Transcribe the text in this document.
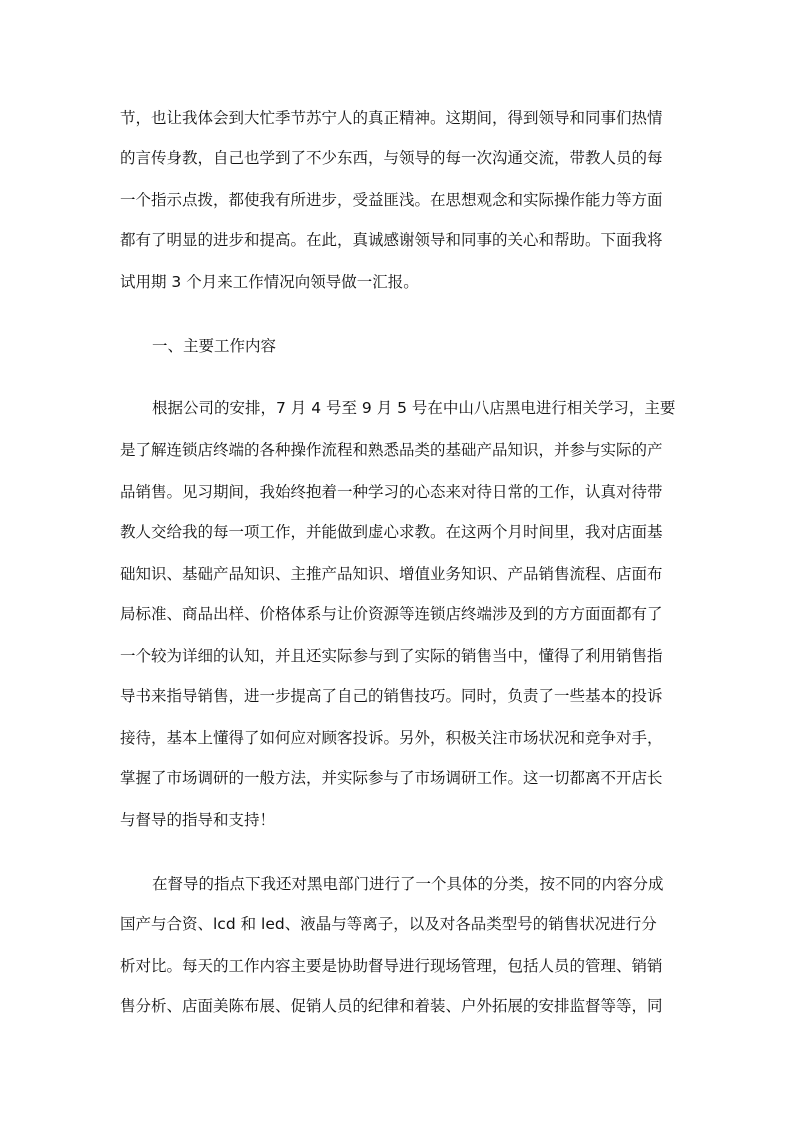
节，也让我体会到大忙季节苏宁人的真正精神。这期间，得到领导和同事们热情

的言传身教，自己也学到了不少东西，与领导的每一次沟通交流，带教人员的每

一个指示点拨，都使我有所进步，受益匪浅。在思想观念和实际操作能力等方面

都有了明显的进步和提高。在此，真诚感谢领导和同事的关心和帮助。下面我将

试用期 3 个月来工作情况向领导做一汇报。

一、主要工作内容

根据公司的安排，7 月 4 号至 9 月 5 号在中山八店黑电进行相关学习，主要

是了解连锁店终端的各种操作流程和熟悉品类的基础产品知识，并参与实际的产

品销售。见习期间，我始终抱着一种学习的心态来对待日常的工作，认真对待带

教人交给我的每一项工作，并能做到虚心求教。在这两个月时间里，我对店面基

础知识、基础产品知识、主推产品知识、增值业务知识、产品销售流程、店面布

局标准、商品出样、价格体系与让价资源等连锁店终端涉及到的方方面面都有了

一个较为详细的认知，并且还实际参与到了实际的销售当中，懂得了利用销售指

导书来指导销售，进一步提高了自己的销售技巧。同时，负责了一些基本的投诉

接待，基本上懂得了如何应对顾客投诉。另外，积极关注市场状况和竞争对手，

掌握了市场调研的一般方法，并实际参与了市场调研工作。这一切都离不开店长

与督导的指导和支持！

在督导的指点下我还对黑电部门进行了一个具体的分类，按不同的内容分成

国产与合资、lcd 和 led、液晶与等离子，以及对各品类型号的销售状况进行分

析对比。每天的工作内容主要是协助督导进行现场管理，包括人员的管理、销销

售分析、店面美陈布展、促销人员的纪律和着装、户外拓展的安排监督等等，同
